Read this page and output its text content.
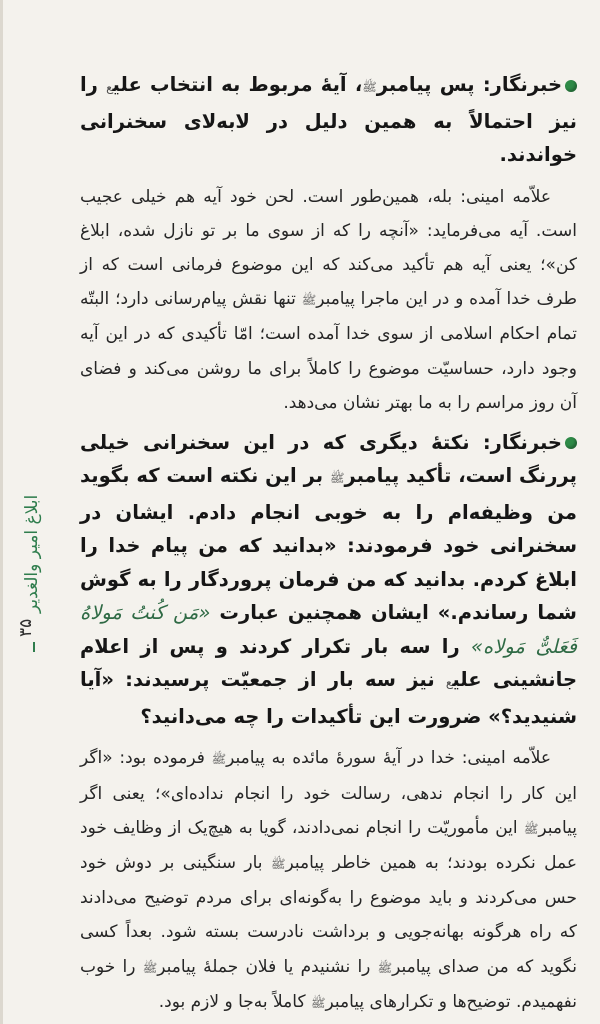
خبرنگار: پس پیامبرﷺ، آیهٔ مربوط به انتخاب علیع را نیز احتمالاً به همین دلیل در لابه‌لای سخنرانی خواندند.

علاّمه امینی: بله، همین‌طور است. لحن خود آیه هم خیلی عجیب است. آیه می‌فرماید: «آنچه را که از سوی ما بر تو نازل شده، ابلاغ کن»؛ یعنی آیه هم تأکید می‌کند که این موضوع فرمانی است که از طرف خدا آمده و در این ماجرا پیامبرﷺ تنها نقش پیام‌رسانی دارد؛ البتّه تمام احکام اسلامی از سوی خدا آمده است؛ امّا تأکیدی که در این آیه وجود دارد، حساسیّت موضوع را کاملاً برای ما روشن می‌کند و فضای آن روز مراسم را به ما بهتر نشان می‌دهد.

خبرنگار: نکتهٔ دیگری که در این سخنرانی خیلی پررنگ است، تأکید پیامبرﷺ بر این نکته است که بگوید من وظیفه‌ام را به خوبی انجام دادم. ایشان در سخنرانی خود فرمودند: «بدانید که من پیام خدا را ابلاغ کردم. بدانید که من فرمان پروردگار را به گوش شما رساندم.» ایشان همچنین عبارت «مَن کُنتُ مَولاهُ فَعَلیٌّ مَولاه» را سه بار تکرار کردند و پس از اعلام جانشینی علیع نیز سه بار از جمعیّت پرسیدند: «آیا شنیدید؟» ضرورت این تأکیدات را چه می‌دانید؟

علاّمه امینی: خدا در آیهٔ سورهٔ مائده به پیامبرﷺ فرموده بود: «اگر این کار را انجام ندهی، رسالت خود را انجام نداده‌ای»؛ یعنی اگر پیامبرﷺ این مأموریّت را انجام نمی‌دادند، گویا به هیچ‌یک از وظایف خود عمل نکرده بودند؛ به همین خاطر پیامبرﷺ بار سنگینی بر دوش خود حس می‌کردند و باید موضوع را به‌گونه‌ای برای مردم توضیح می‌دادند که راه هرگونه بهانه‌جویی و برداشت نادرست بسته شود. بعداً کسی نگوید که من صدای پیامبرﷺ را نشنیدم یا فلان جملهٔ پیامبرﷺ را خوب نفهمیدم. توضیح‌ها و تکرارهای پیامبرﷺ کاملاً به‌جا و لازم بود.

ابلاغ امیر والغدیر
۳۵
